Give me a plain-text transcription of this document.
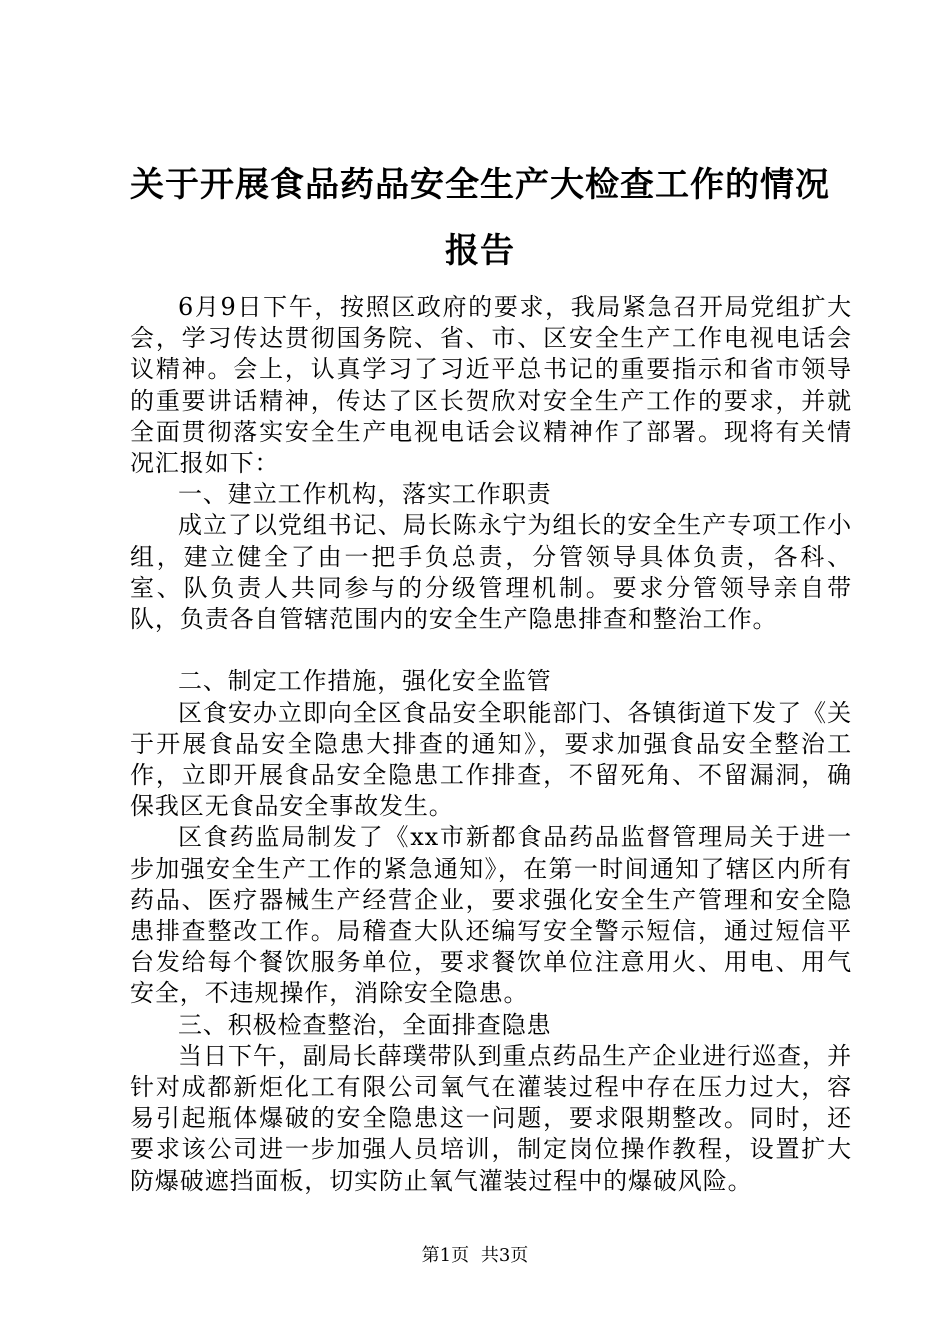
关于开展食品药品安全生产大检查工作的情况
报告

6月9日下午，按照区政府的要求，我局紧急召开局党组扩大会，学习传达贯彻国务院、省、市、区安全生产工作电视电话会议精神。会上，认真学习了习近平总书记的重要指示和省市领导的重要讲话精神，传达了区长贺欣对安全生产工作的要求，并就全面贯彻落实安全生产电视电话会议精神作了部署。现将有关情况汇报如下：

一、建立工作机构，落实工作职责

成立了以党组书记、局长陈永宁为组长的安全生产专项工作小组，建立健全了由一把手负总责，分管领导具体负责，各科、室、队负责人共同参与的分级管理机制。要求分管领导亲自带队，负责各自管辖范围内的安全生产隐患排查和整治工作。

二、制定工作措施，强化安全监管

区食安办立即向全区食品安全职能部门、各镇街道下发了《关于开展食品安全隐患大排查的通知》，要求加强食品安全整治工作，立即开展食品安全隐患工作排查，不留死角、不留漏洞，确保我区无食品安全事故发生。

区食药监局制发了《xx市新都食品药品监督管理局关于进一步加强安全生产工作的紧急通知》，在第一时间通知了辖区内所有药品、医疗器械生产经营企业，要求强化安全生产管理和安全隐患排查整改工作。局稽查大队还编写安全警示短信，通过短信平台发给每个餐饮服务单位，要求餐饮单位注意用火、用电、用气安全，不违规操作，消除安全隐患。

三、积极检查整治，全面排查隐患

当日下午，副局长薛璞带队到重点药品生产企业进行巡查，并针对成都新炬化工有限公司氧气在灌装过程中存在压力过大，容易引起瓶体爆破的安全隐患这一问题，要求限期整改。同时，还要求该公司进一步加强人员培训，制定岗位操作教程，设置扩大防爆破遮挡面板，切实防止氧气灌装过程中的爆破风险。

第1页 共3页
